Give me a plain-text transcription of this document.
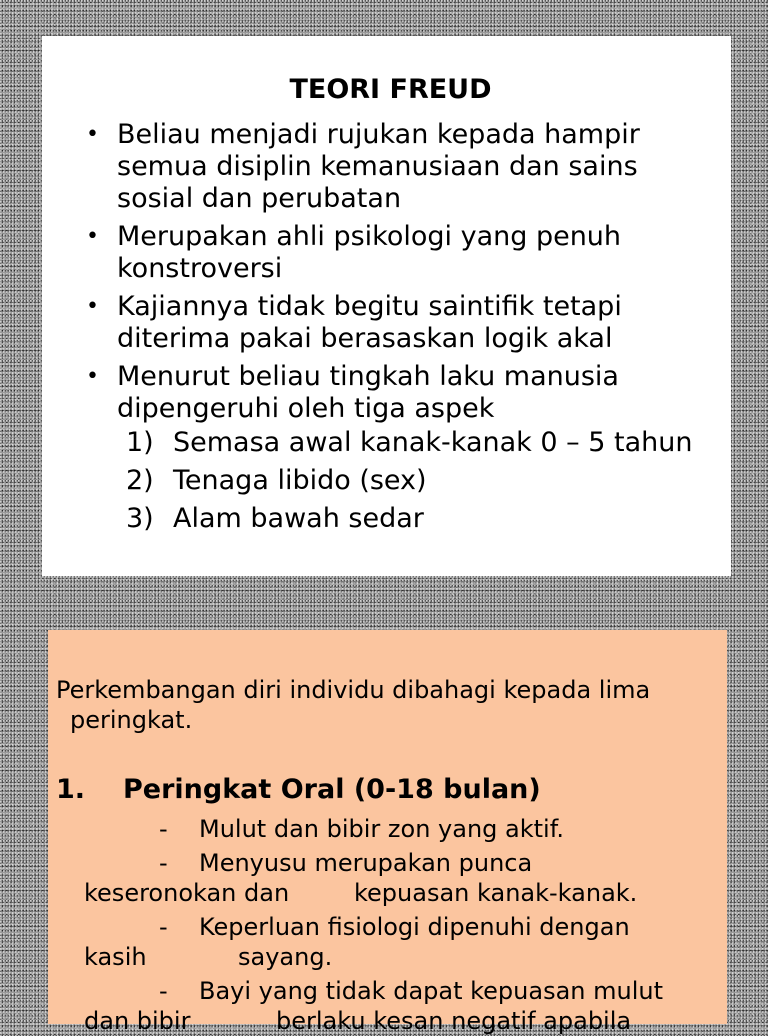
TEORI FREUD
• Beliau menjadi rujukan kepada hampir semua disiplin kemanusiaan dan sains sosial dan perubatan
• Merupakan ahli psikologi yang penuh konstroversi
• Kajiannya tidak begitu saintifik tetapi diterima pakai berasaskan logik akal
• Menurut beliau tingkah laku manusia dipengeruhi oleh tiga aspek
1) Semasa awal kanak-kanak 0 – 5 tahun
2) Tenaga libido (sex)
3) Alam bawah sedar
Perkembangan diri individu dibahagi kepada lima
peringkat.
1. Peringkat Oral (0-18 bulan)
- Mulut dan bibir zon yang aktif.
- Menyusu merupakan punca
keseronokan dan	kepuasan kanak-kanak.
- Keperluan fisiologi dipenuhi dengan
kasih	sayang.
- Bayi yang tidak dapat kepuasan mulut
dan bibir	berlaku kesan negatif apabila
